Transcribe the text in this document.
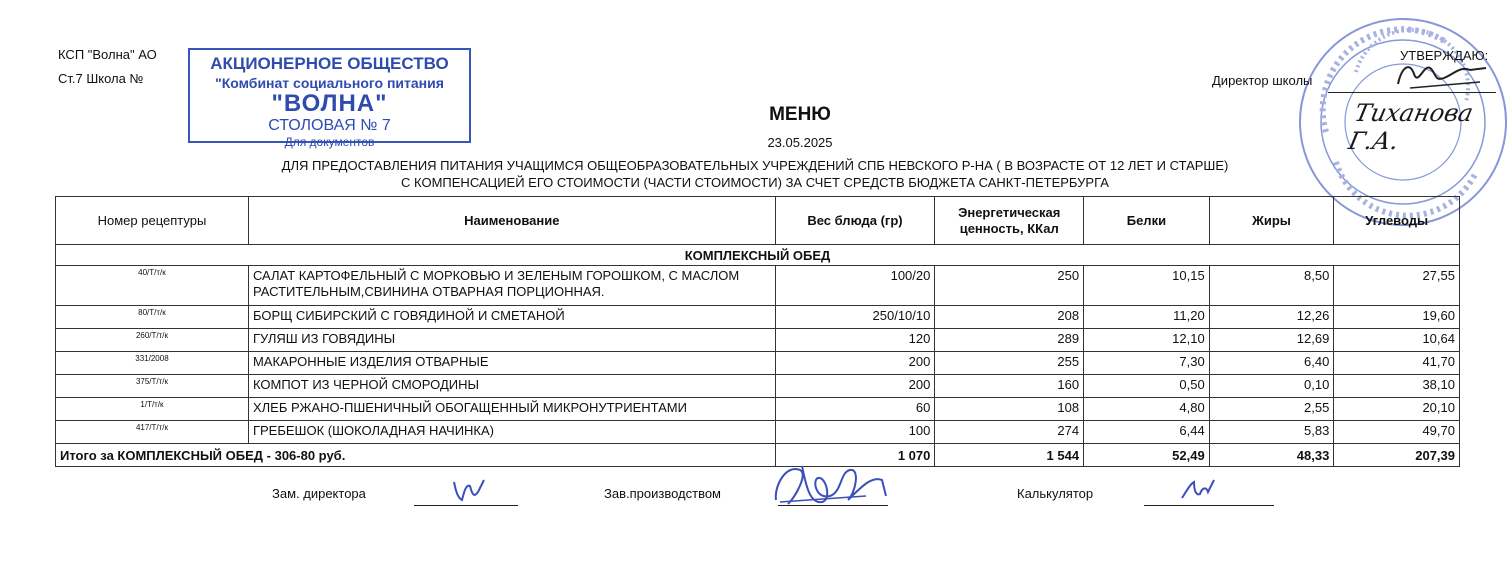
КСП "Волна" АО
Ст.7 Школа №
АКЦИОНЕРНОЕ ОБЩЕСТВО
"Комбинат социального питания
"ВОЛНА"
СТОЛОВАЯ № 7
Для документов
УТВЕРЖДАЮ:
Директор школы
Тиханова Г.А.
МЕНЮ
23.05.2025
ДЛЯ ПРЕДОСТАВЛЕНИЯ ПИТАНИЯ УЧАЩИМСЯ ОБЩЕОБРАЗОВАТЕЛЬНЫХ УЧРЕЖДЕНИЙ СПБ НЕВСКОГО Р-НА ( В ВОЗРАСТЕ ОТ 12 ЛЕТ И СТАРШЕ)
С КОМПЕНСАЦИЕЙ ЕГО СТОИМОСТИ (ЧАСТИ СТОИМОСТИ) ЗА СЧЕТ СРЕДСТВ БЮДЖЕТА САНКТ-ПЕТЕРБУРГА
Номер рецептуры	Наименование	Вес блюда (гр)	Энергетическая ценность, ККал	Белки	Жиры	Углеводы
КОМПЛЕКСНЫЙ ОБЕД						
40/Т/т/к	САЛАТ КАРТОФЕЛЬНЫЙ С МОРКОВЬЮ И ЗЕЛЕНЫМ ГОРОШКОМ, С МАСЛОМ РАСТИТЕЛЬНЫМ,СВИНИНА ОТВАРНАЯ ПОРЦИОННАЯ.	100/20	250	10,15	8,50	27,55
80/Т/т/к	БОРЩ СИБИРСКИЙ С ГОВЯДИНОЙ И СМЕТАНОЙ	250/10/10	208	11,20	12,26	19,60
260/Т/т/к	ГУЛЯШ ИЗ ГОВЯДИНЫ	120	289	12,10	12,69	10,64
331/2008	МАКАРОННЫЕ ИЗДЕЛИЯ ОТВАРНЫЕ	200	255	7,30	6,40	41,70
375/Т/т/к	КОМПОТ ИЗ ЧЕРНОЙ СМОРОДИНЫ	200	160	0,50	0,10	38,10
1/Т/т/к	ХЛЕБ РЖАНО-ПШЕНИЧНЫЙ ОБОГАЩЕННЫЙ МИКРОНУТРИЕНТАМИ	60	108	4,80	2,55	20,10
417/Т/т/к	ГРЕБЕШОК (ШОКОЛАДНАЯ НАЧИНКА)	100	274	6,44	5,83	49,70
Итого за КОМПЛЕКСНЫЙ ОБЕД - 306-80 руб.		1 070	1 544	52,49	48,33	207,39
Зам. директора	Зав.производством	Калькулятор
